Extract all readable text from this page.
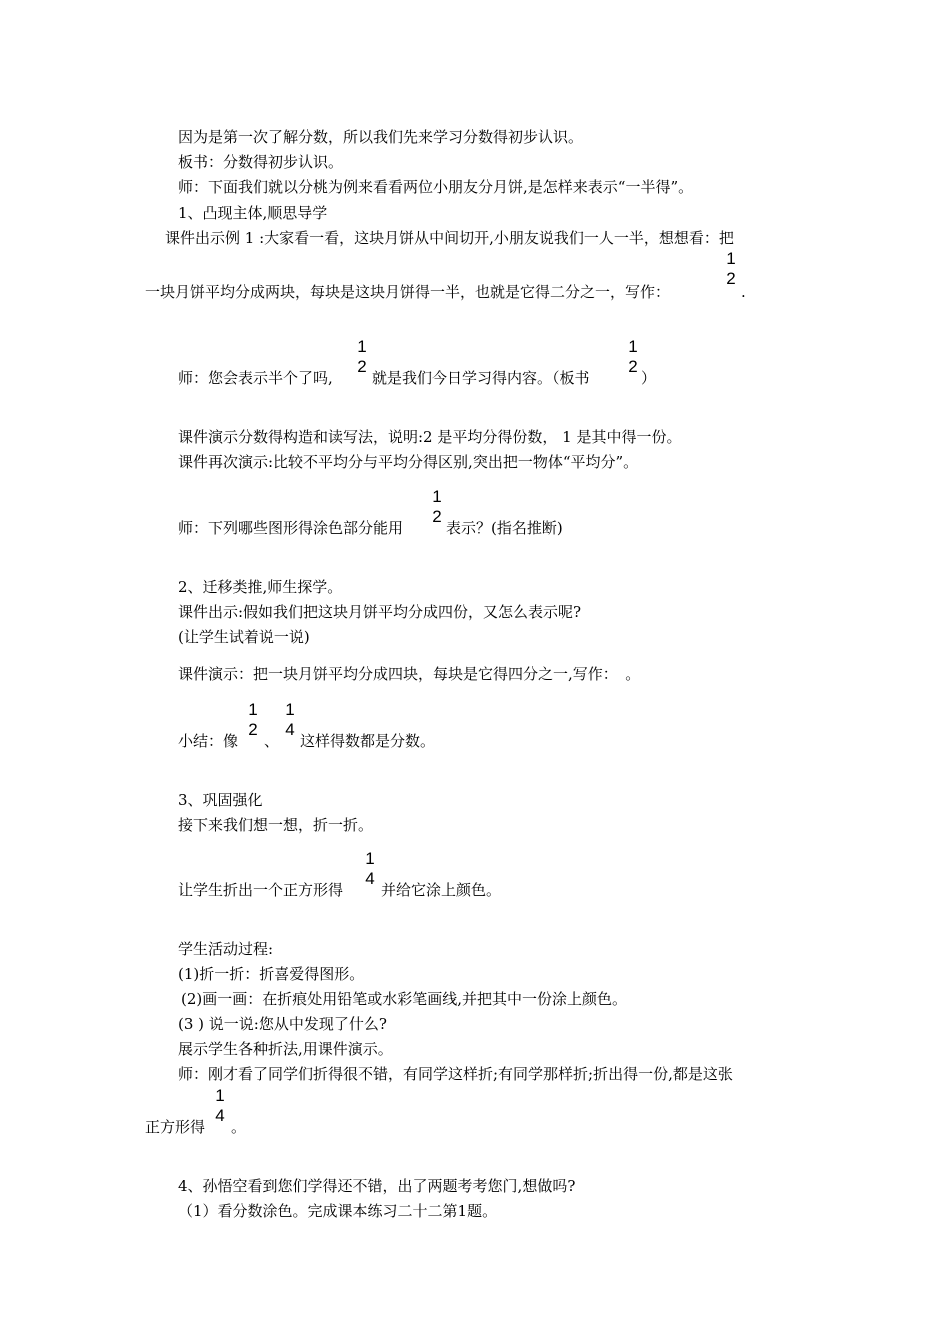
因为是第一次了解分数，所以我们先来学习分数得初步认识。
板书：分数得初步认识。
师：下面我们就以分桃为例来看看两位小朋友分月饼,是怎样来表示“一半得”。
1、凸现主体,顺思导学
课件出示例 1 :大家看一看，这块月饼从中间切开,小朋友说我们一人一半，想想看：把
一块月饼平均分成两块，每块是这块月饼得一半，也就是它得二分之一，写作：
1
2
.
师：您会表示半个了吗,
1
2
就是我们今日学习得内容。（板书
1
2
）
课件演示分数得构造和读写法，说明:2 是平均分得份数， 1 是其中得一份。
课件再次演示:比较不平均分与平均分得区别,突出把一物体“平均分”。
师：下列哪些图形得涂色部分能用
1
2
表示？(指名推断)
2、迁移类推,师生探学。
课件出示:假如我们把这块月饼平均分成四份，又怎么表示呢?
(让学生试着说一说)
课件演示：把一块月饼平均分成四块，每块是它得四分之一,写作：　。
小结：像
1
2
、
1
4
这样得数都是分数。
3、巩固强化
接下来我们想一想，折一折。
让学生折出一个正方形得
1
4
并给它涂上颜色。
学生活动过程:
(1)折一折：折喜爱得图形。
(2)画一画：在折痕处用铅笔或水彩笔画线,并把其中一份涂上颜色。
(3 ) 说一说:您从中发现了什么?
展示学生各种折法,用课件演示。
师：刚才看了同学们折得很不错，有同学这样折;有同学那样折;折出得一份,都是这张
正方形得
1
4
。
4、孙悟空看到您们学得还不错，出了两题考考您门,想做吗?
（1）看分数涂色。完成课本练习二十二第1题。
